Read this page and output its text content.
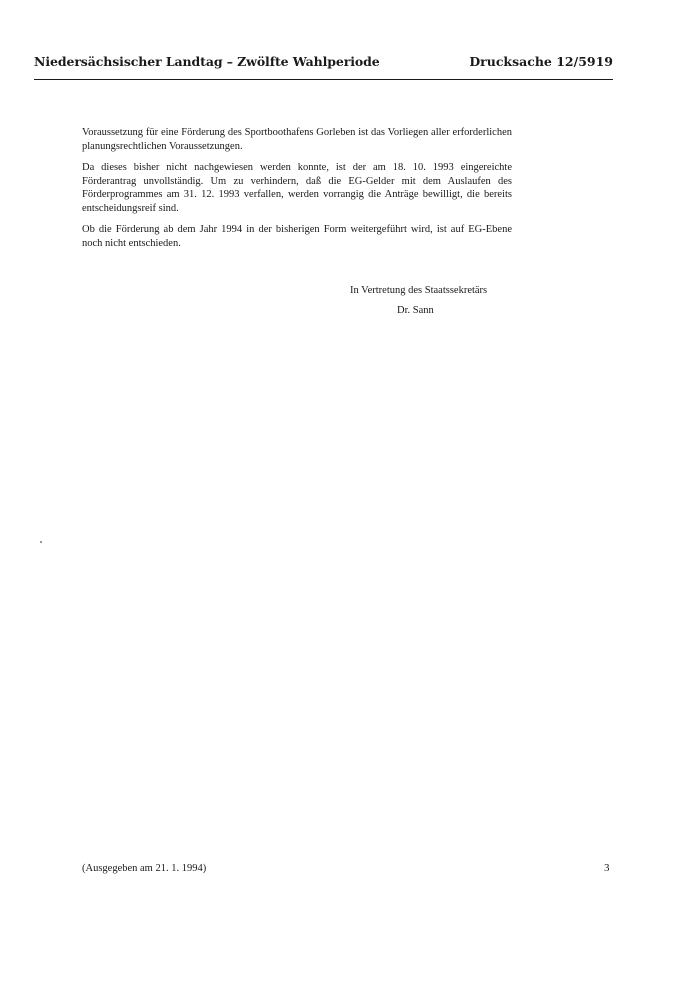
Niedersächsischer Landtag – Zwölfte Wahlperiode	Drucksache 12/5919

Voraussetzung für eine Förderung des Sportboothafens Gorleben ist das Vorliegen aller erforderlichen planungsrechtlichen Voraussetzungen.

Da dieses bisher nicht nachgewiesen werden konnte, ist der am 18. 10. 1993 eingereichte Förderantrag unvollständig. Um zu verhindern, daß die EG-Gelder mit dem Auslaufen des Förderprogrammes am 31. 12. 1993 verfallen, werden vorrangig die Anträge bewilligt, die bereits entscheidungsreif sind.

Ob die Förderung ab dem Jahr 1994 in der bisherigen Form weitergeführt wird, ist auf EG-Ebene noch nicht entschieden.

In Vertretung des Staatssekretärs
Dr. Sann
(Ausgegeben am 21. 1. 1994)	3
